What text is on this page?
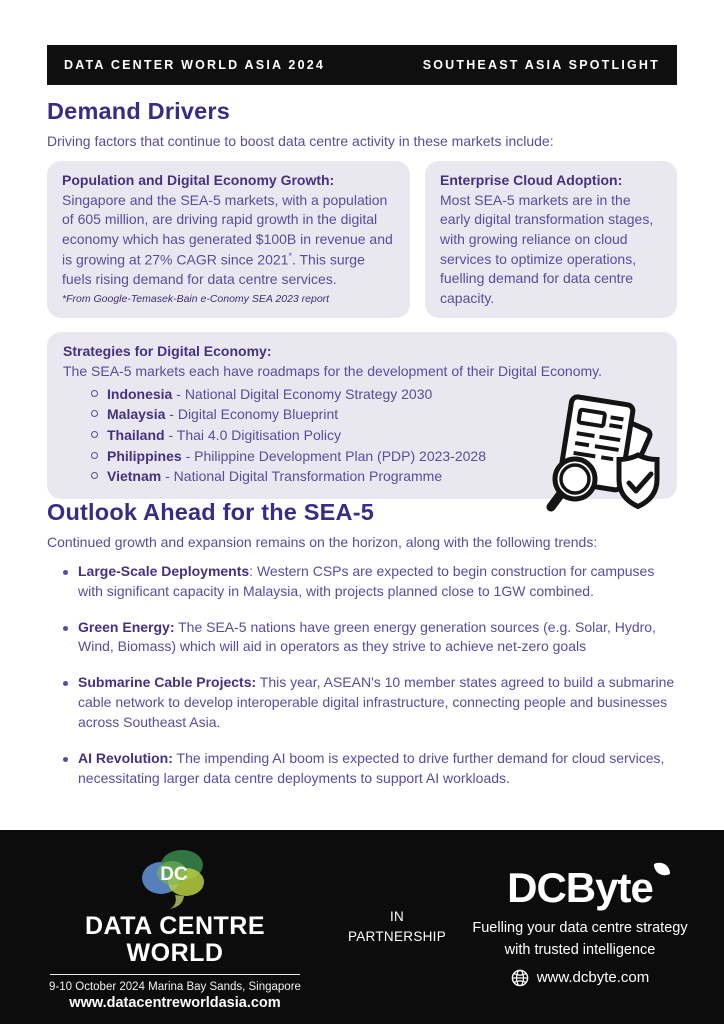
DATA CENTER WORLD ASIA 2024	SOUTHEAST ASIA SPOTLIGHT
Demand Drivers

Driving factors that continue to boost data centre activity in these markets include:

Population and Digital Economy Growth:

Singapore and the SEA-5 markets, with a population of 605 million, are driving rapid growth in the digital economy which has generated $100B in revenue and is growing at 27% CAGR since 2021*. This surge fuels rising demand for data centre services.

*From Google-Temasek-Bain e-Conomy SEA 2023 report

Enterprise Cloud Adoption:

Most SEA-5 markets are in the early digital transformation stages, with growing reliance on cloud services to optimize operations, fuelling demand for data centre capacity.

Strategies for Digital Economy:

The SEA-5 markets each have roadmaps for the development of their Digital Economy.

Indonesia - National Digital Economy Strategy 2030
Malaysia - Digital Economy Blueprint
Thailand - Thai 4.0 Digitisation Policy
Philippines - Philippine Development Plan (PDP) 2023-2028
Vietnam - National Digital Transformation Programme
Outlook Ahead for the SEA-5

Continued growth and expansion remains on the horizon, along with the following trends:

Large-Scale Deployments: Western CSPs are expected to begin construction for campuses with significant capacity in Malaysia, with projects planned close to 1GW combined.

Green Energy: The SEA-5 nations have green energy generation sources (e.g. Solar, Hydro, Wind, Biomass) which will aid in operators as they strive to achieve net-zero goals

Submarine Cable Projects: This year, ASEAN's 10 member states agreed to build a submarine cable network to develop interoperable digital infrastructure, connecting people and businesses across Southeast Asia.

AI Revolution: The impending AI boom is expected to drive further demand for cloud services, necessitating larger data centre deployments to support AI workloads.

DC
DATA CENTRE
WORLD

9-10 October 2024 Marina Bay Sands, Singapore

www.datacentreworldasia.com
IN
PARTNERSHIP
DCByte

Fuelling your data centre strategy with trusted intelligence

www.dcbyte.com
